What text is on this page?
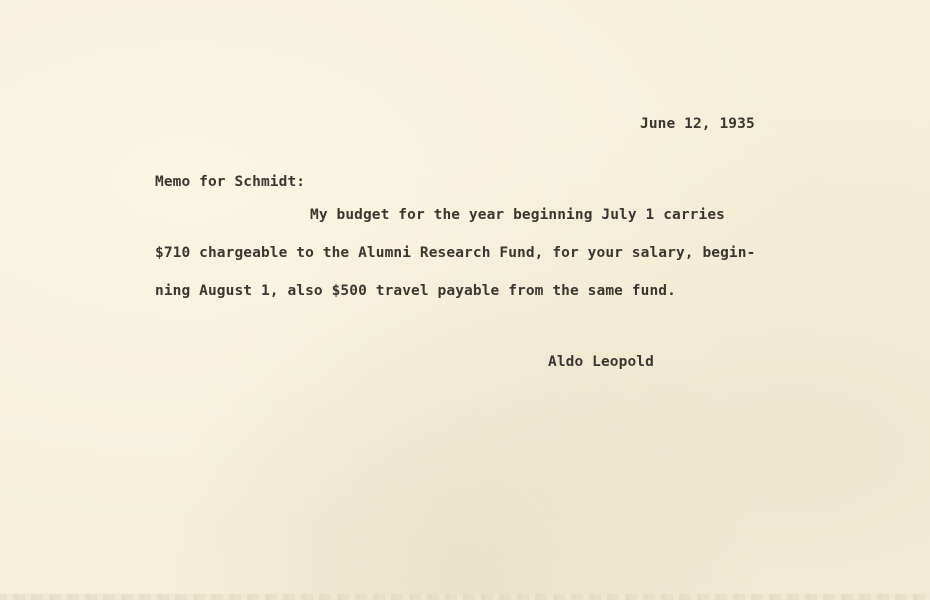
June 12, 1935
Memo for Schmidt:
My budget for the year beginning July 1 carries
$710 chargeable to the Alumni Research Fund, for your salary, begin-
ning August 1, also $500 travel payable from the same fund.
Aldo Leopold
